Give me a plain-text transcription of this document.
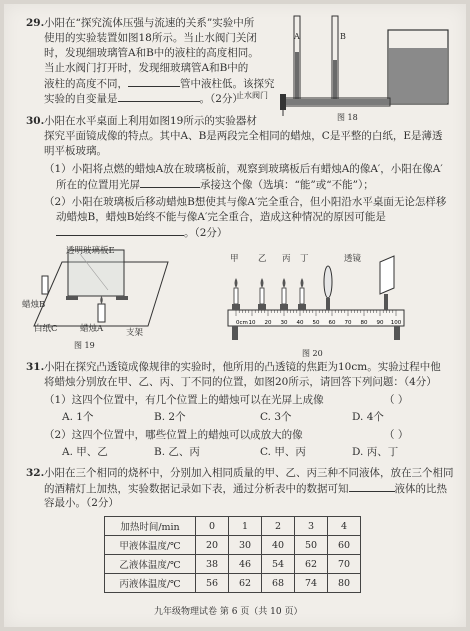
29. 小阳在“探究流体压强与流速的关系”实验中所
使用的实验装置如图18所示。当止水阀门关闭
时，发现细玻璃管A和B中的液柱的高度相同。
当止水阀门打开时，发现细玻璃管A和B中的
液柱的高度不同，	管中液柱低。该探究
实验的自变量是	。（2分）
A	B
止水阀门
图 18
30. 小阳在水平桌面上利用如图19所示的实验器材
探究平面镜成像的特点。其中A、B是两段完全相同的蜡烛，C是平整的白纸，E是薄透
明平板玻璃。
（1）小阳将点燃的蜡烛A放在玻璃板前，观察到玻璃板后有蜡烛A的像A′，小阳在像A′
所在的位置用光屏	承接这个像（选填：“能”或“不能”）；
（2）小阳在玻璃板后移动蜡烛B想使其与像A′完全重合，但小阳沿水平桌面无论怎样移
动蜡烛B，蜡烛B始终不能与像A′完全重合，造成这种情况的原因可能是
。（2分）
透明玻璃板E
蜡烛B
白纸C	蜡烛A	支架
图 19
0cm 10 20 30 40 50 60 70 80 90 100
甲 乙 丙 丁	透镜
图 20
31. 小阳在探究凸透镜成像规律的实验时，他所用的凸透镜的焦距为10cm。实验过程中他
将蜡烛分别放在甲、乙、丙、丁不同的位置，如图20所示，请回答下列问题：（4分）
（1）这四个位置中，有几个位置上的蜡烛可以在光屏上成像	（ ）
A. 1个	B. 2个	C. 3个	D. 4个
（2）这四个位置中，哪些位置上的蜡烛可以成放大的像	（ ）
A. 甲、乙	B. 乙、丙	C. 甲、丙	D. 丙、丁
32. 小阳在三个相同的烧杯中，分别加入相同质量的甲、乙、丙三种不同液体，放在三个相同
的酒精灯上加热，实验数据记录如下表，通过分析表中的数据可知	液体的比热
容最小。（2分）
加热时间/min	0	1	2	3	4
甲液体温度/℃	20	30	40	50	60
乙液体温度/℃	38	46	54	62	70
丙液体温度/℃	56	62	68	74	80
九年级物理试卷 第 6 页（共 10 页）
